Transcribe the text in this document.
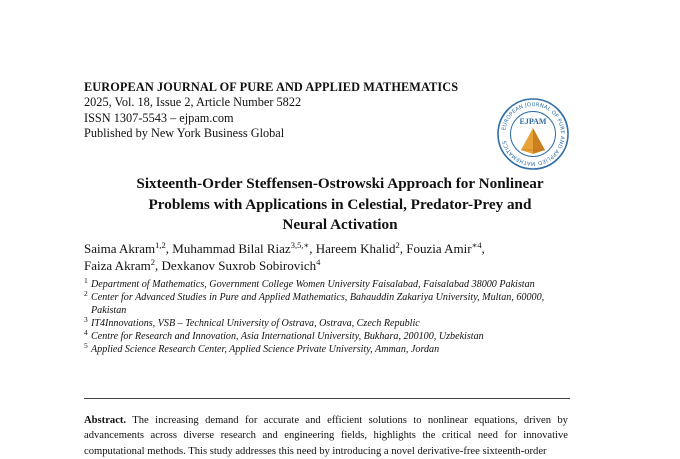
EUROPEAN JOURNAL OF PURE AND APPLIED MATHEMATICS
2025, Vol. 18, Issue 2, Article Number 5822
ISSN 1307-5543 – ejpam.com
Published by New York Business Global	EUROPEAN JOURNAL OF PURE AND APPLIED MATHEMATICS
EJPAM
Sixteenth-Order Steffensen-Ostrowski Approach for Nonlinear
Problems with Applications in Celestial, Predator-Prey and
Neural Activation
Saima Akram$^{1,2}$, Muhammad Bilal Riaz$^{3,5,∗}$, Hareem Khalid$^2$, Fouzia Amir$^{∗4}$,
Faiza Akram$^2$, Dexkanov Suxrob Sobirovich$^4$
1 Department of Mathematics, Government College Women University Faisalabad, Faisalabad 38000 Pakistan
2 Center for Advanced Studies in Pure and Applied Mathematics, Bahauddin Zakariya University, Multan, 60000, Pakistan
3 IT4Innovations, VSB – Technical University of Ostrava, Ostrava, Czech Republic
4 Centre for Research and Innovation, Asia International University, Bukhara, 200100, Uzbekistan
5 Applied Science Research Center, Applied Science Private University, Amman, Jordan
Abstract. The increasing demand for accurate and efficient solutions to nonlinear equations, driven by advancements across diverse research and engineering fields, highlights the critical need for innovative computational methods. This study addresses this need by introducing a novel derivative-free sixteenth-order
